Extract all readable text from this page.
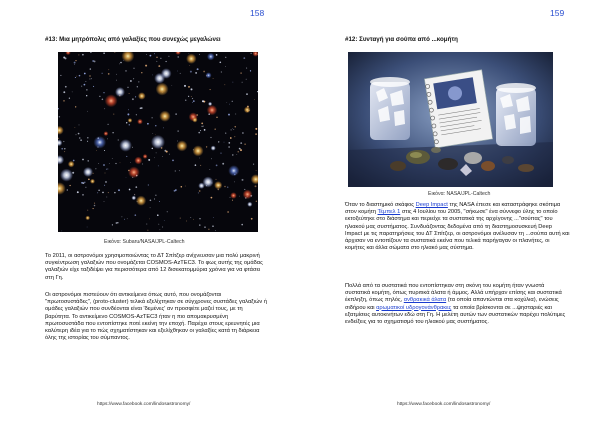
158
#13: Μια μητρόπολις από γαλαξίες που συνεχώς μεγαλώνει
Εικόνα: Subaru/NASA/JPL-Caltech
Το 2011, οι αστρονόμοι χρησιμοποιώντας το ΔΤ Σπίτζερ ανίχνευσαν μια πολύ μακρινή συγκέντρωση γαλαξιών που ονομάζεται COSMOS-AzTEC3. Το φως αυτής της ομάδας γαλαξιών είχε ταξιδέψει για περισσότερα από 12 δισεκατομμύρια χρόνια για να φτάσει στη Γη.
Οι αστρονόμοι πιστεύουν ότι αντικείμενα όπως αυτό, που ονομάζονται "πρωτοσυστάδες", (proto-cluster) τελικά εξελίχτηκαν σε σύγχρονες συστάδες γαλαξιών ή ομάδες γαλαξιών που συνδέονται είναι 'δεμένες' αν προσφέτε μαζεί τους, με τη βαρύτητα. Το αντικείμενο COSMOS-AzTEC3 ήταν η πιο απομακρυσμένη πρωτοσυστάδα που εντοπίστηκε ποτέ εκείνη την εποχή. Παρέχει στους ερευνητές μια καλύτερη ιδέα για το πώς σχηματίστηκαν και εξελίχθηκαν οι γαλαξίες κατά τη διάρκεια όλης της ιστορίας του σύμπαντος.
https://www.facebook.com/lindosastronomy/
159
#12: Συνταγή για σούπα από ...κομήτη
Εικόνα: NASA/JPL-Caltech
Όταν το διαστημικό σκάφος Deep Impact της NASA έπεσε και καταστράφηκε σκόπιμα στον κομήτη Τέμπελ 1 στις 4 Ιουλίου του 2005, "σήκωσε" ένα σύννεφο ύλης το οποίο εκτοξεύτηκε στο διάστημα και περιείχε τα συστατικά της αρχέγονης ..."σούπας" του ηλιακού μας συστήματος. Συνδυάζοντας δεδομένα από τη διαστημοσυσκευή Deep Impact με τις παρατηρήσεις του ΔΤ Σπίτζερ, οι αστρονόμοι ανέλυσαν τη ...σούπα αυτή και άρχισαν να εντοπίζουν τα συστατικά εκείνα που τελικά παρήγαγαν οι πλανήτες, οι κομήτες και άλλα σώματα στο ηλιακό μας σύστημα.
Πολλά από τα συστατικά που εντοπίστηκαν στη σκόνη του κομήτη ήταν γνωστά συστατικά κομήτη, όπως πυριτικά άλατα ή άμμος. Αλλά υπήρχαν επίσης και συστατικά έκπληξη, όπως πηλός, ανθρακικά άλατα (τα οποία απαντώνται στα κοχύλια), ενώσεις σιδήρου και αρωματικοί υδρογονάνθρακες τα οποία βρίσκονται σε ...ψησταριές και εξατμίσεις αυτοκινήτων εδώ στη Γη. Η μελέτη αυτών των συστατικών παρέχει πολύτιμες ενδείξεις για το σχηματισμό του ηλιακού μας συστήματος.
https://www.facebook.com/lindosastronomy/
